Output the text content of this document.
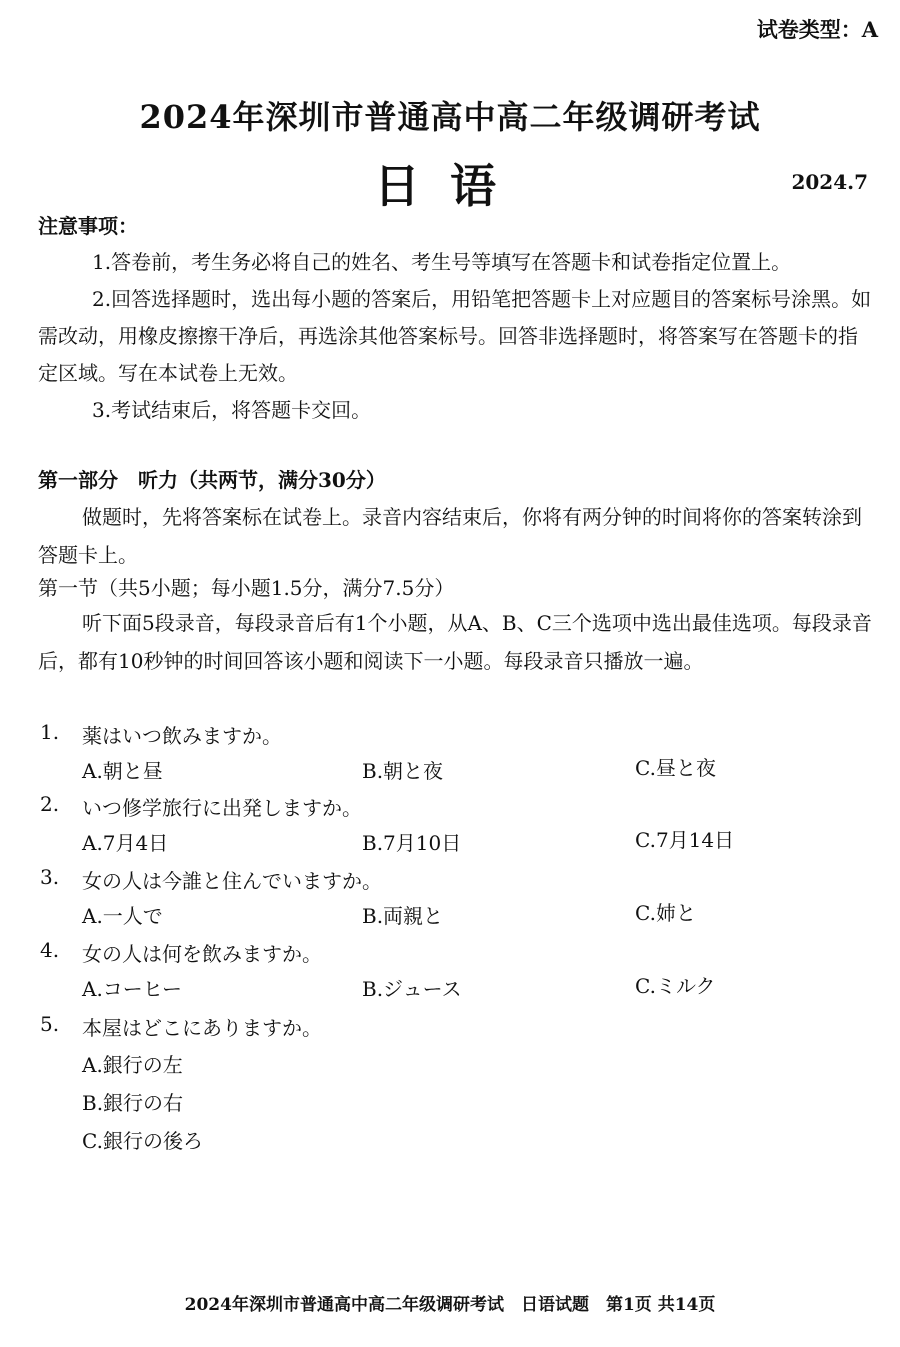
试卷类型：A
2024年深圳市普通高中高二年级调研考试
日语	2024.7
注意事项：

1.答卷前，考生务必将自己的姓名、考生号等填写在答题卡和试卷指定位置上。

2.回答选择题时，选出每小题的答案后，用铅笔把答题卡上对应题目的答案标号涂黑。如需改动，用橡皮擦擦干净后，再选涂其他答案标号。回答非选择题时，将答案写在答题卡的指定区域。写在本试卷上无效。

3.考试结束后，将答题卡交回。

第一部分　听力（共两节，满分30分）

做题时，先将答案标在试卷上。录音内容结束后，你将有两分钟的时间将你的答案转涂到答题卡上。

第一节（共5小题；每小题1.5分，满分7.5分）

听下面5段录音，每段录音后有1个小题，从A、B、C三个选项中选出最佳选项。每段录音后，都有10秒钟的时间回答该小题和阅读下一小题。每段录音只播放一遍。

1. 薬はいつ飲みますか。
A.朝と昼	B.朝と夜	C.昼と夜
2. いつ修学旅行に出発しますか。
A.7月4日	B.7月10日	C.7月14日
3. 女の人は今誰と住んでいますか。
A.一人で	B.両親と	C.姉と
4. 女の人は何を飲みますか。
A.コーヒー	B.ジュース	C.ミルク
5. 本屋はどこにありますか。
A.銀行の左
B.銀行の右
C.銀行の後ろ
2024年深圳市普通高中高二年级调研考试　日语试题　第1页 共14页
